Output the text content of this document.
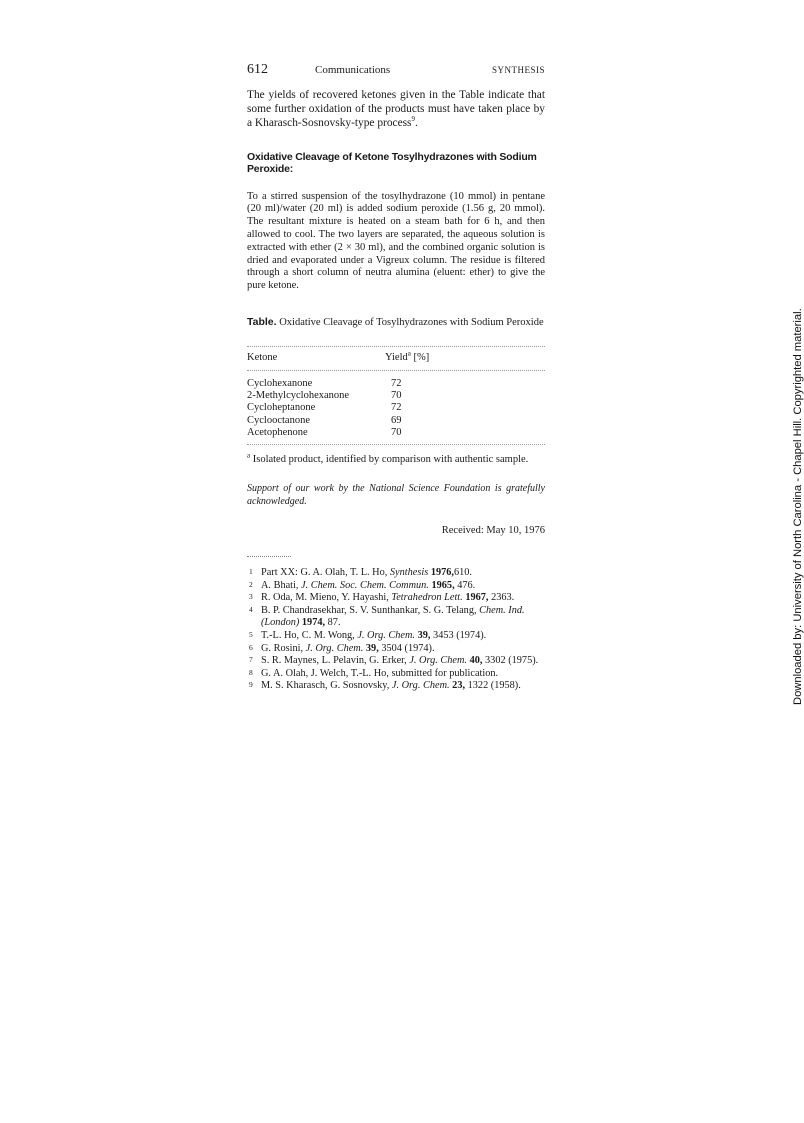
612	Communications	SYNTHESIS

The yields of recovered ketones given in the Table indicate that some further oxidation of the products must have taken place by a Kharasch-Sosnovsky-type process$^9$.

Oxidative Cleavage of Ketone Tosylhydrazones with Sodium Peroxide:

To a stirred suspension of the tosylhydrazone (10 mmol) in pentane (20 ml)/water (20 ml) is added sodium peroxide (1.56 g, 20 mmol). The resultant mixture is heated on a steam bath for 6 h, and then allowed to cool. The two layers are separated, the aqueous solution is extracted with ether (2 × 30 ml), and the combined organic solution is dried and evaporated under a Vigreux column. The residue is filtered through a short column of neutra alumina (eluent: ether) to give the pure ketone.

Table. Oxidative Cleavage of Tosylhydrazones with Sodium Peroxide
Ketone	Yield$^a$ [%]
Cyclohexanone	72
2-Methylcyclohexanone	70
Cycloheptanone	72
Cyclooctanone	69
Acetophenone	70
$^a$ Isolated product, identified by comparison with authentic sample.
Support of our work by the National Science Foundation is gratefully acknowledged.
Received: May 10, 1976
1 Part XX: G. A. Olah, T. L. Ho, Synthesis 1976,610.
2 A. Bhati, J. Chem. Soc. Chem. Commun. 1965, 476.
3 R. Oda, M. Mieno, Y. Hayashi, Tetrahedron Lett. 1967, 2363.
4 B. P. Chandrasekhar, S. V. Sunthankar, S. G. Telang, Chem. Ind. (London) 1974, 87.
5 T.-L. Ho, C. M. Wong, J. Org. Chem. 39, 3453 (1974).
6 G. Rosini, J. Org. Chem. 39, 3504 (1974).
7 S. R. Maynes, L. Pelavin, G. Erker, J. Org. Chem. 40, 3302 (1975).
8 G. A. Olah, J. Welch, T.-L. Ho, submitted for publication.
9 M. S. Kharasch, G. Sosnovsky, J. Org. Chem. 23, 1322 (1958).	Downloaded by: University of North Carolina - Chapel Hill. Copyrighted material.
